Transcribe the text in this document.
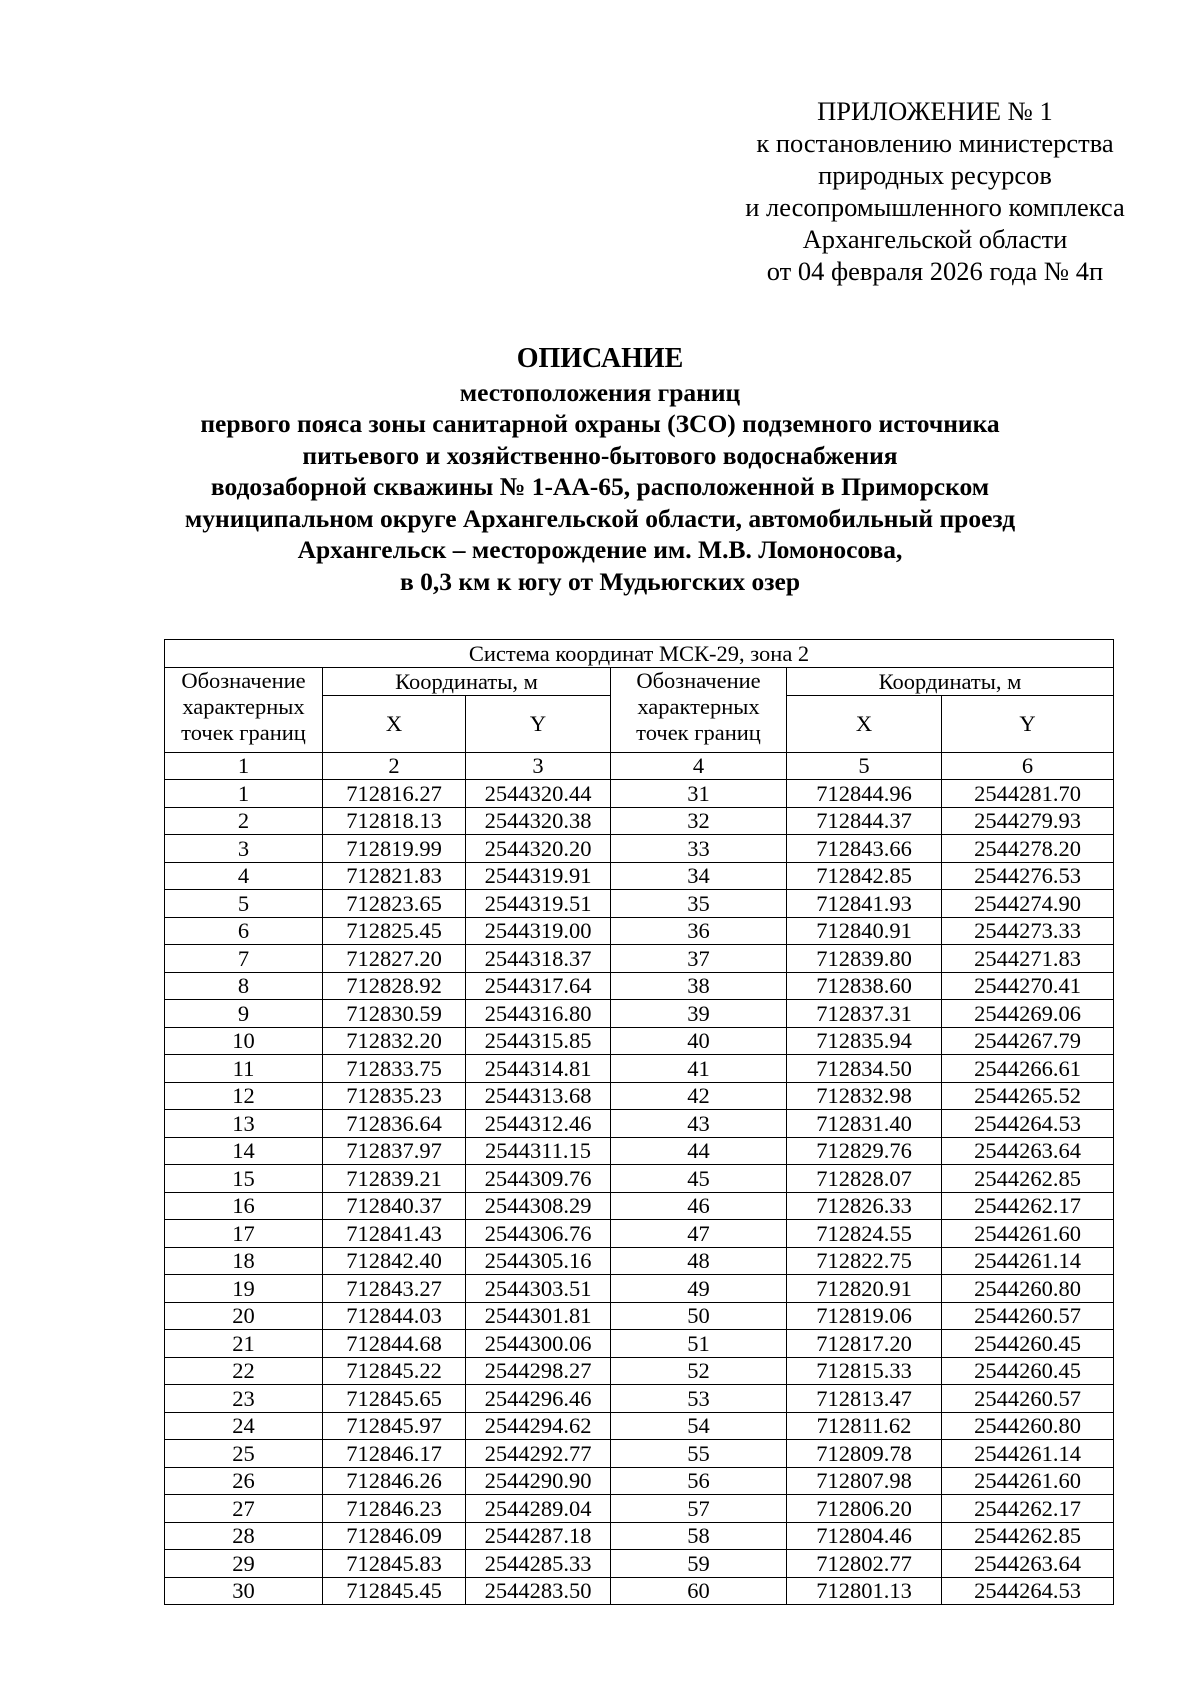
ПРИЛОЖЕНИЕ № 1
к постановлению министерства
природных ресурсов
и лесопромышленного комплекса
Архангельской области
от 04 февраля 2026 года № 4п
ОПИСАНИЕ
местоположения границ
первого пояса зоны санитарной охраны (ЗСО) подземного источника
питьевого и хозяйственно-бытового водоснабжения
водозаборной скважины № 1-АА-65, расположенной в Приморском
муниципальном округе Архангельской области, автомобильный проезд
Архангельск – месторождение им. М.В. Ломоносова,
в 0,3 км к югу от Мудьюгских озер
Система координат МСК-29, зона 2					
Обозначение
характерных
точек границ	Координаты, м		Обозначение
характерных
точек границ	Координаты, м	
	X	Y		X	Y
1	2	3	4	5	6
1	712816.27	2544320.44	31	712844.96	2544281.70
2	712818.13	2544320.38	32	712844.37	2544279.93
3	712819.99	2544320.20	33	712843.66	2544278.20
4	712821.83	2544319.91	34	712842.85	2544276.53
5	712823.65	2544319.51	35	712841.93	2544274.90
6	712825.45	2544319.00	36	712840.91	2544273.33
7	712827.20	2544318.37	37	712839.80	2544271.83
8	712828.92	2544317.64	38	712838.60	2544270.41
9	712830.59	2544316.80	39	712837.31	2544269.06
10	712832.20	2544315.85	40	712835.94	2544267.79
11	712833.75	2544314.81	41	712834.50	2544266.61
12	712835.23	2544313.68	42	712832.98	2544265.52
13	712836.64	2544312.46	43	712831.40	2544264.53
14	712837.97	2544311.15	44	712829.76	2544263.64
15	712839.21	2544309.76	45	712828.07	2544262.85
16	712840.37	2544308.29	46	712826.33	2544262.17
17	712841.43	2544306.76	47	712824.55	2544261.60
18	712842.40	2544305.16	48	712822.75	2544261.14
19	712843.27	2544303.51	49	712820.91	2544260.80
20	712844.03	2544301.81	50	712819.06	2544260.57
21	712844.68	2544300.06	51	712817.20	2544260.45
22	712845.22	2544298.27	52	712815.33	2544260.45
23	712845.65	2544296.46	53	712813.47	2544260.57
24	712845.97	2544294.62	54	712811.62	2544260.80
25	712846.17	2544292.77	55	712809.78	2544261.14
26	712846.26	2544290.90	56	712807.98	2544261.60
27	712846.23	2544289.04	57	712806.20	2544262.17
28	712846.09	2544287.18	58	712804.46	2544262.85
29	712845.83	2544285.33	59	712802.77	2544263.64
30	712845.45	2544283.50	60	712801.13	2544264.53
